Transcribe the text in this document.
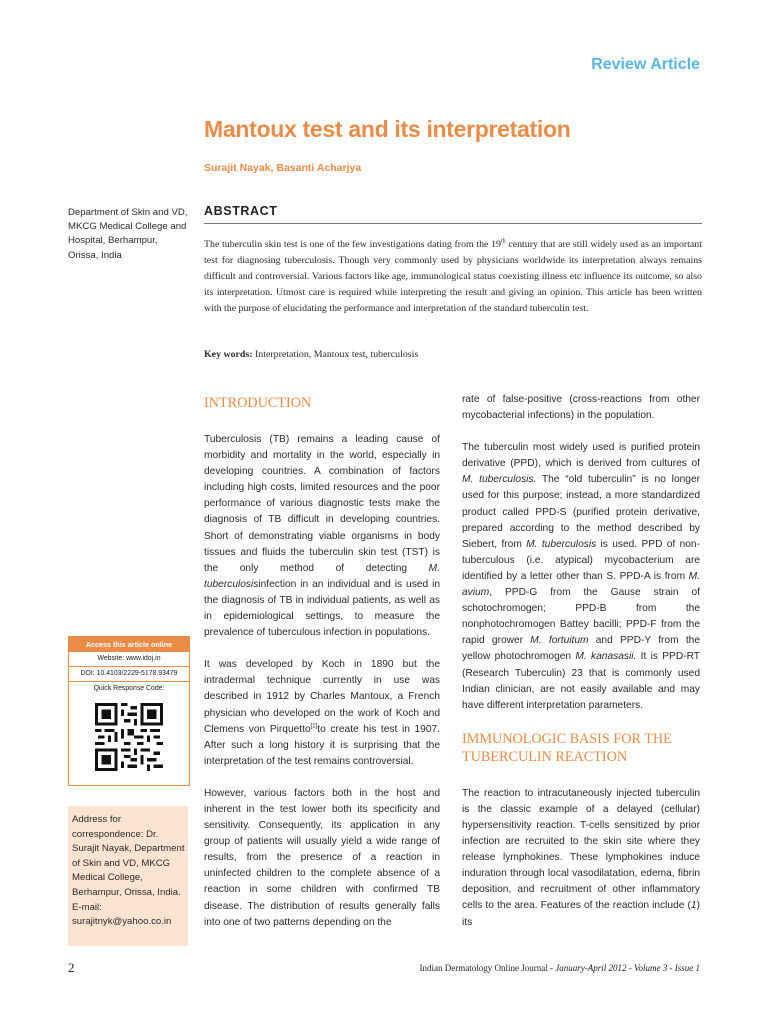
Review Article
Mantoux test and its interpretation
Surajit Nayak, Basanti Acharjya
Department of Skin and VD, MKCG Medical College and Hospital, Berhampur, Orissa, India
ABSTRACT
The tuberculin skin test is one of the few investigations dating from the 19th century that are still widely used as an important test for diagnosing tuberculosis. Though very commonly used by physicians worldwide its interpretation always remains difficult and controversial. Various factors like age, immunological status coexisting illness etc influence its outcome, so also its interpretation. Utmost care is required while interpreting the result and giving an opinion. This article has been written with the purpose of elucidating the performance and interpretation of the standard tuberculin test.
Key words: Interpretation, Mantoux test, tuberculosis
INTRODUCTION

Tuberculosis (TB) remains a leading cause of morbidity and mortality in the world, especially in developing countries. A combination of factors including high costs, limited resources and the poor performance of various diagnostic tests make the diagnosis of TB difficult in developing countries. Short of demonstrating viable organisms in body tissues and fluids the tuberculin skin test (TST) is the only method of detecting M. tuberculosisinfection in an individual and is used in the diagnosis of TB in individual patients, as well as in epidemiological settings, to measure the prevalence of tuberculous infection in populations.

It was developed by Koch in 1890 but the intradermal technique currently in use was described in 1912 by Charles Mantoux, a French physician who developed on the work of Koch and Clemens von Pirquetto[1]to create his test in 1907. After such a long history it is surprising that the interpretation of the test remains controversial.

However, various factors both in the host and inherent in the test lower both its specificity and sensitivity. Consequently, its application in any group of patients will usually yield a wide range of results, from the presence of a reaction in uninfected children to the complete absence of a reaction in some children with confirmed TB disease. The distribution of results generally falls into one of two patterns depending on the

rate of false-positive (cross-reactions from other mycobacterial infections) in the population.

The tuberculin most widely used is purified protein derivative (PPD), which is derived from cultures of M. tuberculosis. The “old tuberculin” is no longer used for this purpose; instead, a more standardized product called PPD-S (purified protein derivative, prepared according to the method described by Siebert, from M. tuberculosis is used. PPD of non-tuberculous (i.e. atypical) mycobacterium are identified by a letter other than S. PPD-A is from M. avium, PPD-G from the Gause strain of schotochromogen; PPD-B from the nonphotochromogen Battey bacilli; PPD-F from the rapid grower M. fortuitum and PPD-Y from the yellow photochromogen M. kanasasii. It is PPD-RT (Research Tuberculin) 23 that is commonly used Indian clinician, are not easily available and may have different interpretation parameters.

IMMUNOLOGIC BASIS FOR THE TUBERCULIN REACTION

The reaction to intracutaneously injected tuberculin is the classic example of a delayed (cellular) hypersensitivity reaction. T-cells sensitized by prior infection are recruited to the skin site where they release lymphokines. These lymphokines induce induration through local vasodilatation, edema, fibrin deposition, and recruitment of other inflammatory cells to the area. Features of the reaction include (1) its

Access this article online
Website: www.idoj.in
DOI: 10.4103/2229-5178.93479
Quick Response Code:
Address for correspondence: Dr. Surajit Nayak, Department of Skin and VD, MKCG Medical College, Berhampur, Orissa, India. E-mail: surajitnyk@yahoo.co.in
2	Indian Dermatology Online Journal - January-April 2012 - Volume 3 - Issue 1
